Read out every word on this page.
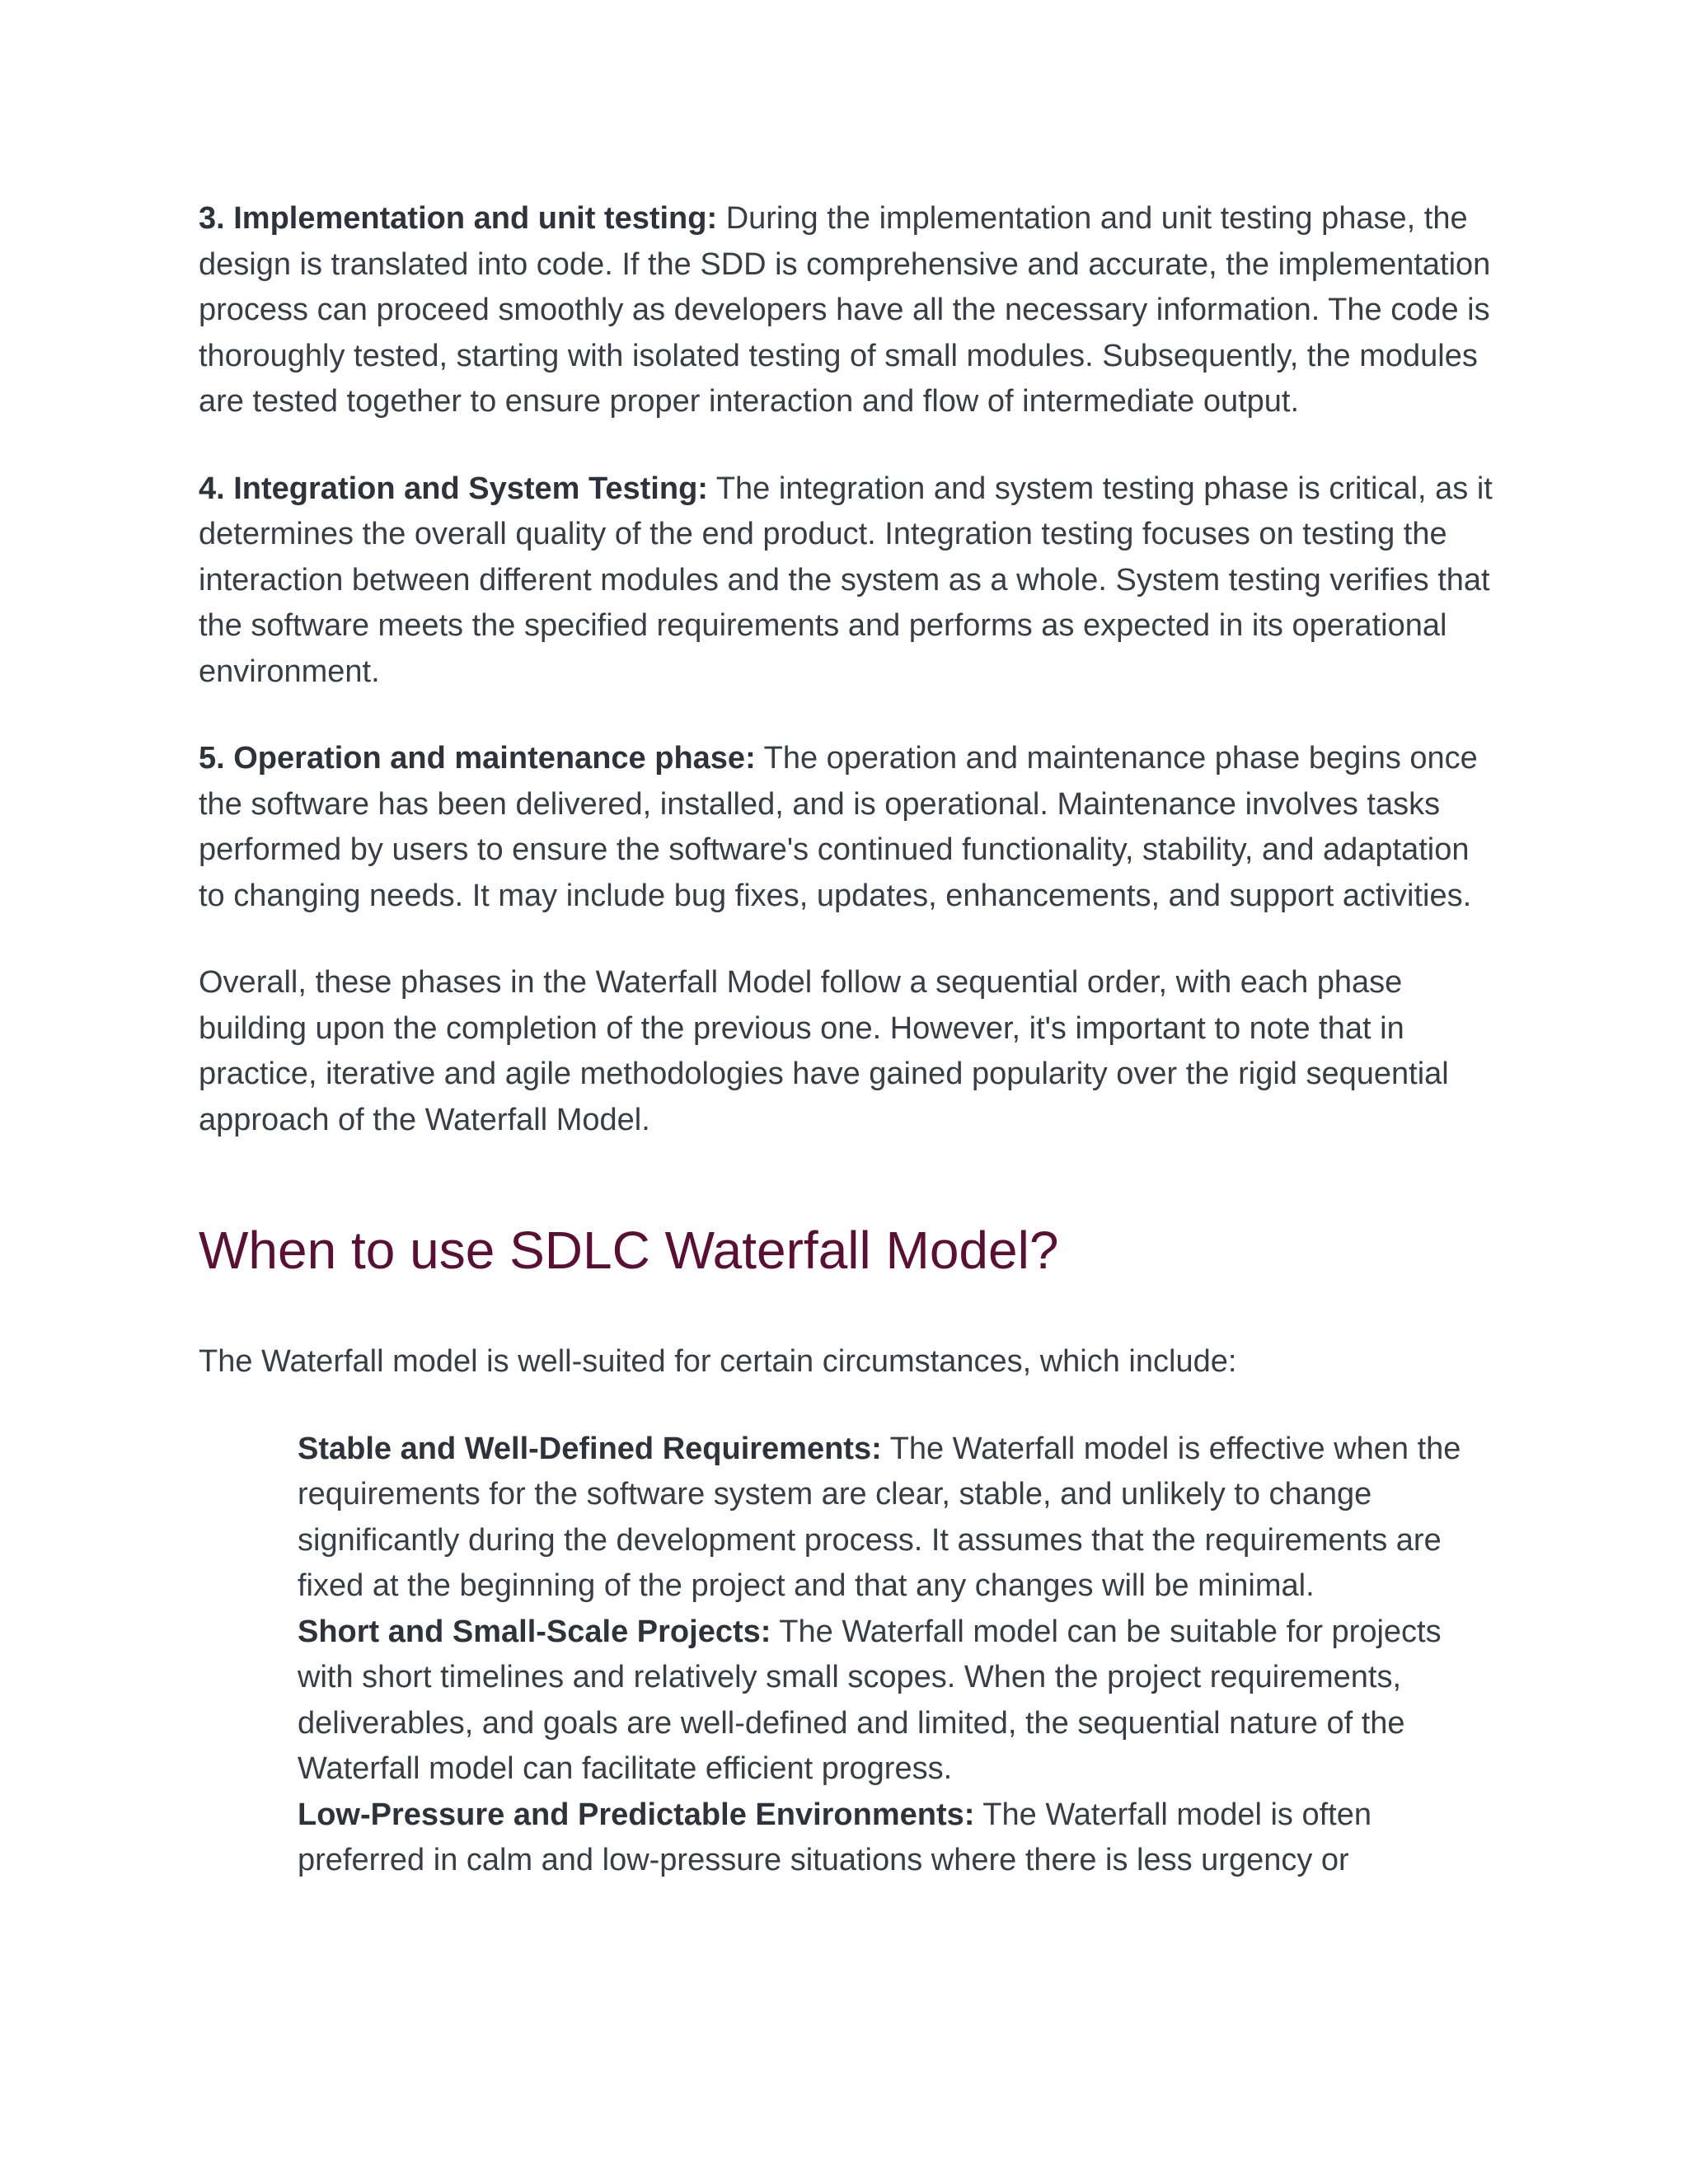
3. Implementation and unit testing: During the implementation and unit testing phase, the design is translated into code. If the SDD is comprehensive and accurate, the implementation process can proceed smoothly as developers have all the necessary information. The code is thoroughly tested, starting with isolated testing of small modules. Subsequently, the modules are tested together to ensure proper interaction and flow of intermediate output.

4. Integration and System Testing: The integration and system testing phase is critical, as it determines the overall quality of the end product. Integration testing focuses on testing the interaction between different modules and the system as a whole. System testing verifies that the software meets the specified requirements and performs as expected in its operational environment.

5. Operation and maintenance phase: The operation and maintenance phase begins once the software has been delivered, installed, and is operational. Maintenance involves tasks performed by users to ensure the software's continued functionality, stability, and adaptation to changing needs. It may include bug fixes, updates, enhancements, and support activities.

Overall, these phases in the Waterfall Model follow a sequential order, with each phase building upon the completion of the previous one. However, it's important to note that in practice, iterative and agile methodologies have gained popularity over the rigid sequential approach of the Waterfall Model.

When to use SDLC Waterfall Model?

The Waterfall model is well-suited for certain circumstances, which include:

Stable and Well-Defined Requirements: The Waterfall model is effective when the requirements for the software system are clear, stable, and unlikely to change significantly during the development process. It assumes that the requirements are fixed at the beginning of the project and that any changes will be minimal.
Short and Small-Scale Projects: The Waterfall model can be suitable for projects with short timelines and relatively small scopes. When the project requirements, deliverables, and goals are well-defined and limited, the sequential nature of the Waterfall model can facilitate efficient progress.
Low-Pressure and Predictable Environments: The Waterfall model is often preferred in calm and low-pressure situations where there is less urgency or
